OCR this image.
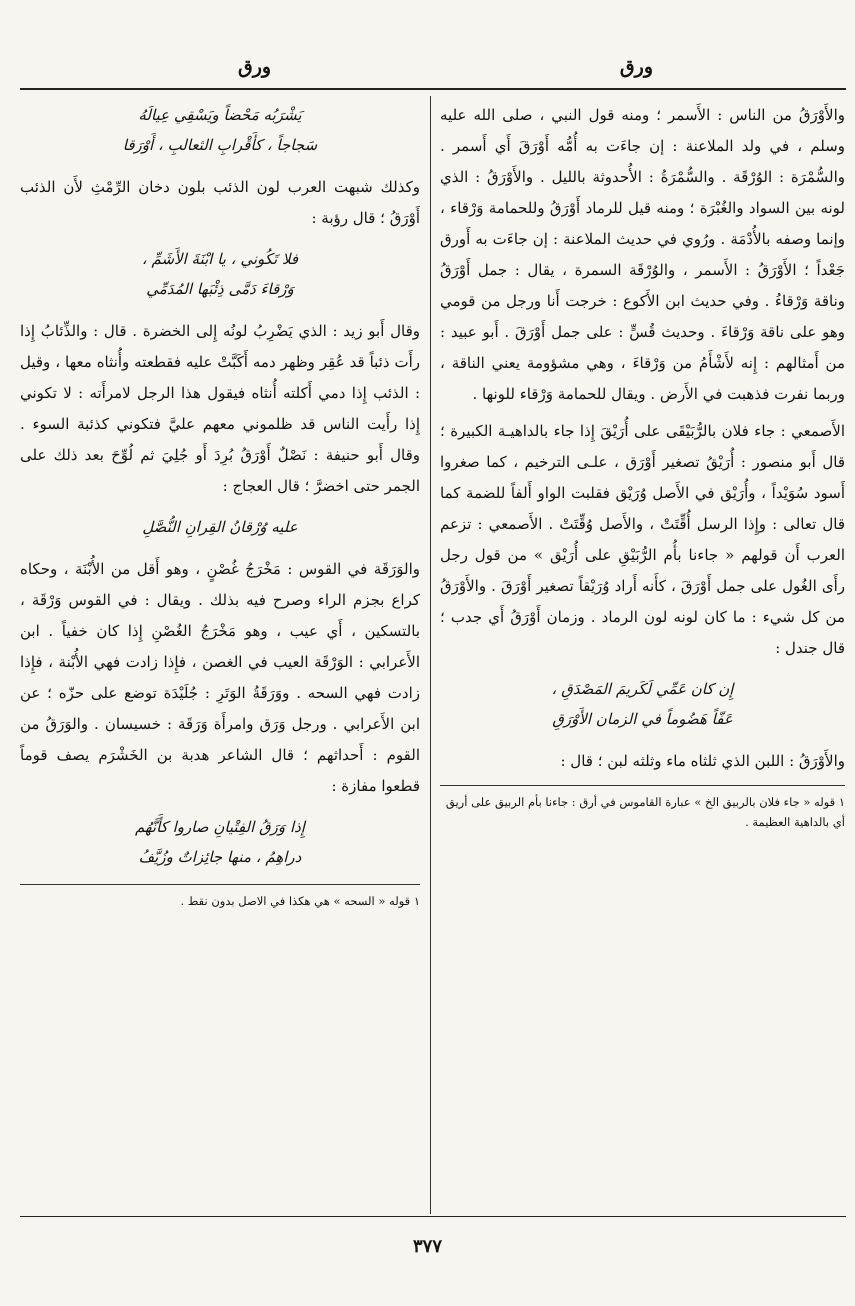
ورق
ورق

والأَوْرَقُ من الناس : الأَسمر ؛ ومنه قول النبي ، صلى الله عليه وسلم ، في ولد الملاعنة : إن جاءَت به أُمُّه أَوْرَقَ أَي أَسمر . والسُّمْرَة : الوُرْقَة . والسُّمْرَةُ : الأُحدوثة بالليل . والأَوْرَقُ : الذي لونه بين السواد والغُبْرَة ؛ ومنه قيل للرماد أَوْرَقُ وللحمامة وَرْقاء ، وإنما وصفه بالأُدْمَة . ورُوي في حديث الملاعنة : إن جاءَت به أَورق جَعْداً ؛ الأَوْرَقُ : الأَسمر ، والوُرْقَة السمرة ، يقال : جمل أَوْرَقُ وناقة وَرْقاءُ . وفي حديث ابن الأَكوع : خرجت أَنا ورجل من قومي وهو على ناقة وَرْقاءَ . وحديث قُسٍّ : على جمل أَوْرَقَ . أَبو عبيد : من أَمثالهم : إِنه لأَشْأَمُ من وَرْقاءَ ، وهي مشؤومة يعني الناقة ، وربما نفرت فذهبت في الأَرض . ويقال للحمامة وَرْقاء للونها .

الأَصمعي : جاء فلان بالرُّبَيْقَى على أُرَيْقَ إِذا جاء بالداهيـة الكبيرة ؛ قال أَبو منصور : أُرَيْقُ تصغير أَوْرَق ، علـى الترخيم ، كما صغروا أَسود سُوَيْداً ، وأُرَيْق في الأَصل وُرَيْق فقلبت الواو أَلفاً للضمة كما قال تعالى : وإِذا الرسل أُقِّتَتْ ، والأَصل وُقِّتَتْ . الأَصمعي : تزعم العرب أَن قولهم « جاءنا بأُم الرُّبَيْقِ على أُرَيْق » من قول رجل رأَى الغُول على جمل أَوْرَقَ ، كأَنه أَراد وُرَيْقاً تصغير أَوْرَقَ . والأَوْرَقُ من كل شيء : ما كان لونه لون الرماد . وزمان أَوْرَقُ أَي جدب ؛ قال جندل :

إِن كان عَمِّي لَكَريمَ المَصْدَقِ ،
عَفّاً هَضُوماً في الزمان الأَوْرَقِ

والأَوْرَقُ : اللبن الذي ثلثاه ماء وثلثه لبن ؛ قال :

١ قوله « جاء فلان بالربيق الخ » عبارة القاموس في أرق : جاءنا بأم الربيق على أريق أي بالداهية العظيمة .
يَشْرَبُه مَحْضاً ويَسْقِي عِيالَهُ
سَجاجاً ، كأَقْرابِ الثعالبِ ، أَوْرَقا

وكذلك شبهت العرب لون الذئب بلون دخان الرِّمْثِ لأَن الذئب أَوْرَقُ ؛ قال رؤبة :

فلا تَكُوني ، يا ابْنَةَ الأَشَمِّ ،
وَرْقاءَ دَمَّى ذِئْبَها المُدَمِّي

وقال أَبو زيد : الذي يَضْرِبُ لونُه إِلى الخضرة . قال : والذِّئابُ إِذا رأَت ذئباً قد عُقِر وظهر دمه أَكَبَّتْ عليه فقطعته وأُنثاه معها ، وقيل : الذئب إِذا دمي أَكلته أُنثاه فيقول هذا الرجل لامرأَته : لا تكوني إِذا رأَيت الناس قد ظلموني معهم عليَّ فتكوني كذئبة السوء . وقال أَبو حنيفة : نَصْلٌ أَوْرَقُ بُرِدَ أَو جُلِيَ ثم لُوِّحَ بعد ذلك على الجمر حتى اخضرَّ ؛ قال العجاج :

عليه وُرْقانُ القِرانِ النُّصَّلِ

والوَرَقَة في القوس : مَخْرَجُ غُصْنٍ ، وهو أَقل من الأُبْنَة ، وحكاه كراع بجزم الراء وصرح فيه بذلك . ويقال : في القوس وَرْقَة ، بالتسكين ، أَي عيب ، وهو مَخْرَجُ الغُصْنِ إِذا كان خفياً . ابن الأَعرابي : الوَرْقَة العيب في الغصن ، فإِذا زادت فهي الأُبْنة ، فإِذا زادت فهي السحه . ووَرَقَةُ الوَتَرِ : جُلَيْدَة توضع على حزّه ؛ عن ابن الأَعرابي . ورجل وَرَق وامرأَة وَرَقَة : خسيسان . والوَرَقُ من القوم : أَحداثهم ؛ قال الشاعر هدبة بن الخَشْرَم يصف قوماً قطعوا مفازة :

إِذا وَرَقُ الفِتْيانِ صاروا كأَنَّهُم
دراهِمُ ، منها جائِزاتٌ وزُيَّفُ
١ قوله « السحه » هي هكذا في الاصل بدون نقط .
٣٧٧
